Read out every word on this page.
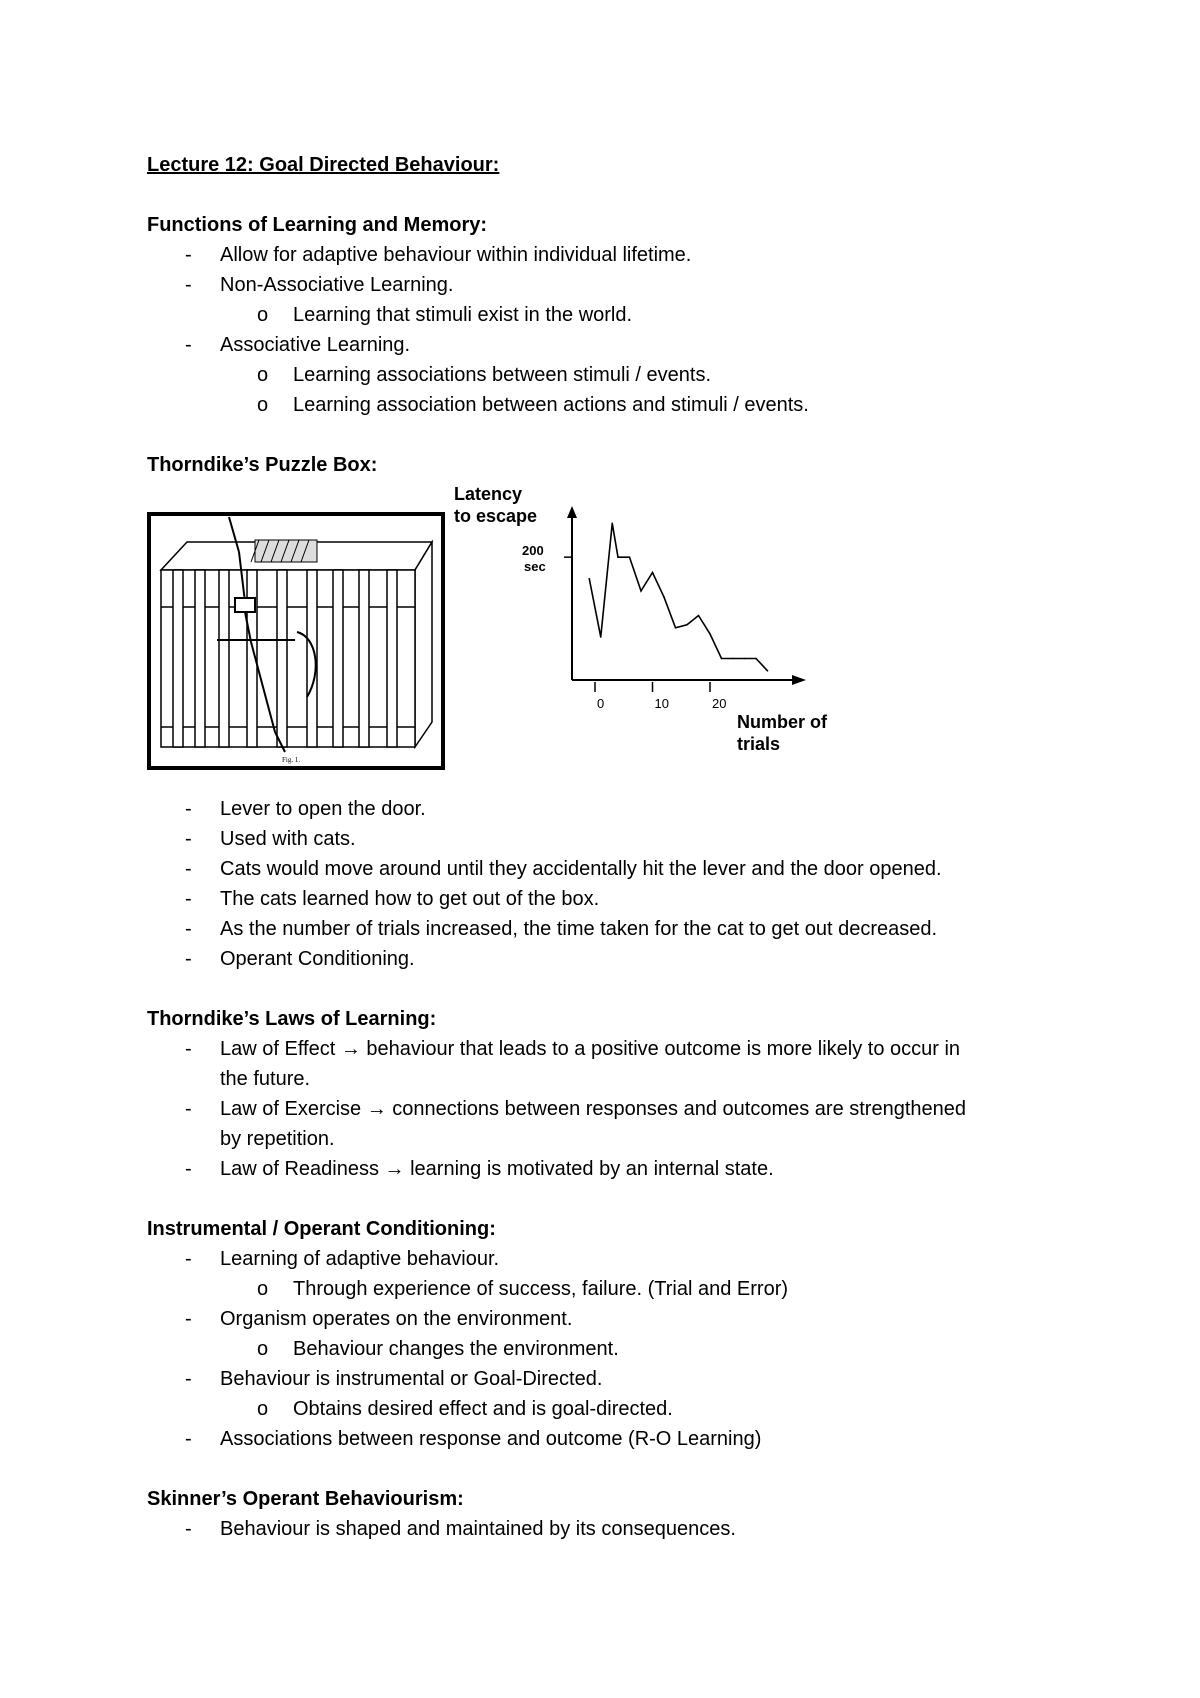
Lecture 12: Goal Directed Behaviour:
Functions of Learning and Memory:
- Allow for adaptive behaviour within individual lifetime.
- Non-Associative Learning.
o Learning that stimuli exist in the world.
- Associative Learning.
o Learning associations between stimuli / events.
o Learning association between actions and stimuli / events.
Thorndike’s Puzzle Box:
Fig. 1.
Latency
to escape
200
sec
Number of
trials
0	10	20
- Lever to open the door.
- Used with cats.
- Cats would move around until they accidentally hit the lever and the door opened.
- The cats learned how to get out of the box.
- As the number of trials increased, the time taken for the cat to get out decreased.
- Operant Conditioning.
Thorndike’s Laws of Learning:
- Law of Effect → behaviour that leads to a positive outcome is more likely to occur in
the future.
- Law of Exercise → connections between responses and outcomes are strengthened
by repetition.
- Law of Readiness → learning is motivated by an internal state.
Instrumental / Operant Conditioning:
- Learning of adaptive behaviour.
o Through experience of success, failure. (Trial and Error)
- Organism operates on the environment.
o Behaviour changes the environment.
- Behaviour is instrumental or Goal-Directed.
o Obtains desired effect and is goal-directed.
- Associations between response and outcome (R-O Learning)
Skinner’s Operant Behaviourism:
- Behaviour is shaped and maintained by its consequences.
